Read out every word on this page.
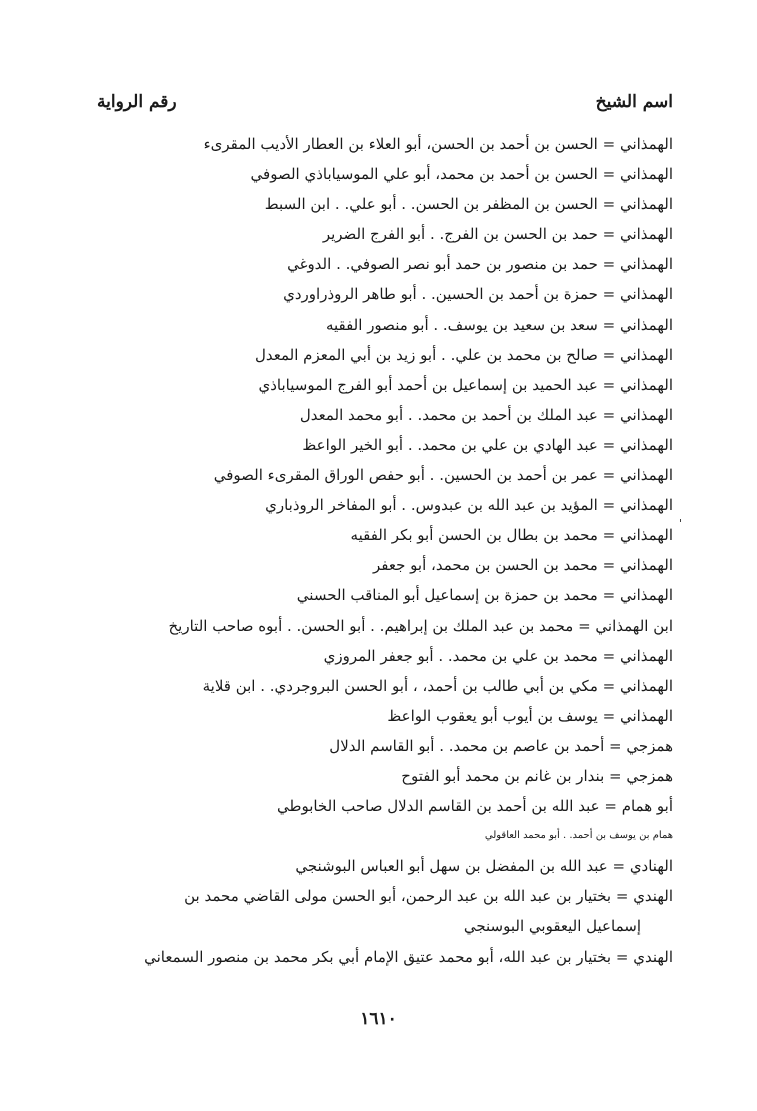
اسم الشيخ
رقم الرواية
الهمذاني = الحسن بن أحمد بن الحسن، أبو العلاء بن العطار الأديب المقرىء
الهمذاني = الحسن بن أحمد بن محمد، أبو علي الموسياباذي الصوفي
الهمذاني = الحسن بن المظفر بن الحسن. . أبو علي. . ابن السبط
الهمذاني = حمد بن الحسن بن الفرج. . أبو الفرج الضرير
الهمذاني = حمد بن منصور بن حمد أبو نصر الصوفي. . الدوغي
الهمذاني = حمزة بن أحمد بن الحسين. . أبو طاهر الروذراوردي
الهمذاني = سعد بن سعيد بن يوسف. . أبو منصور الفقيه
الهمذاني = صالح بن محمد بن علي. . أبو زيد بن أبي المعزم المعدل
الهمذاني = عبد الحميد بن إسماعيل بن أحمد أبو الفرج الموسياباذي
الهمذاني = عبد الملك بن أحمد بن محمد. . أبو محمد المعدل
الهمذاني = عبد الهادي بن علي بن محمد. . أبو الخير الواعظ
الهمذاني = عمر بن أحمد بن الحسين. . أبو حفص الوراق المقرىء الصوفي
الهمذاني = المؤيد بن عبد الله بن عبدوس. . أبو المفاخر الروذباري
الهمذاني = محمد بن بطال بن الحسن أبو بكر الفقيه
'
الهمذاني = محمد بن الحسن بن محمد، أبو جعفر
الهمذاني = محمد بن حمزة بن إسماعيل أبو المناقب الحسني
ابن الهمذاني = محمد بن عبد الملك بن إبراهيم. . أبو الحسن. . أبوه صاحب التاريخ
الهمذاني = محمد بن علي بن محمد. . أبو جعفر المروزي
الهمذاني = مكي بن أبي طالب بن أحمد، ، أبو الحسن البروجردي. . ابن قلاية
الهمذاني = يوسف بن أيوب أبو يعقوب الواعظ
همزجي = أحمد بن عاصم بن محمد. . أبو القاسم الدلال
همزجي = بندار بن غانم بن محمد أبو الفتوح
أبو همام = عبد الله بن أحمد بن القاسم الدلال صاحب الخابوطي
همام بن يوسف بن أحمد. . أبو محمد العاقولي
الهنادي = عبد الله بن المفضل بن سهل أبو العباس البوشنجي
الهندي = بختيار بن عبد الله بن عبد الرحمن، أبو الحسن مولى القاضي محمد بن
إسماعيل اليعقوبي البوسنجي
الهندي = بختيار بن عبد الله، أبو محمد عتيق الإمام أبي بكر محمد بن منصور السمعاني
١٦١٠
